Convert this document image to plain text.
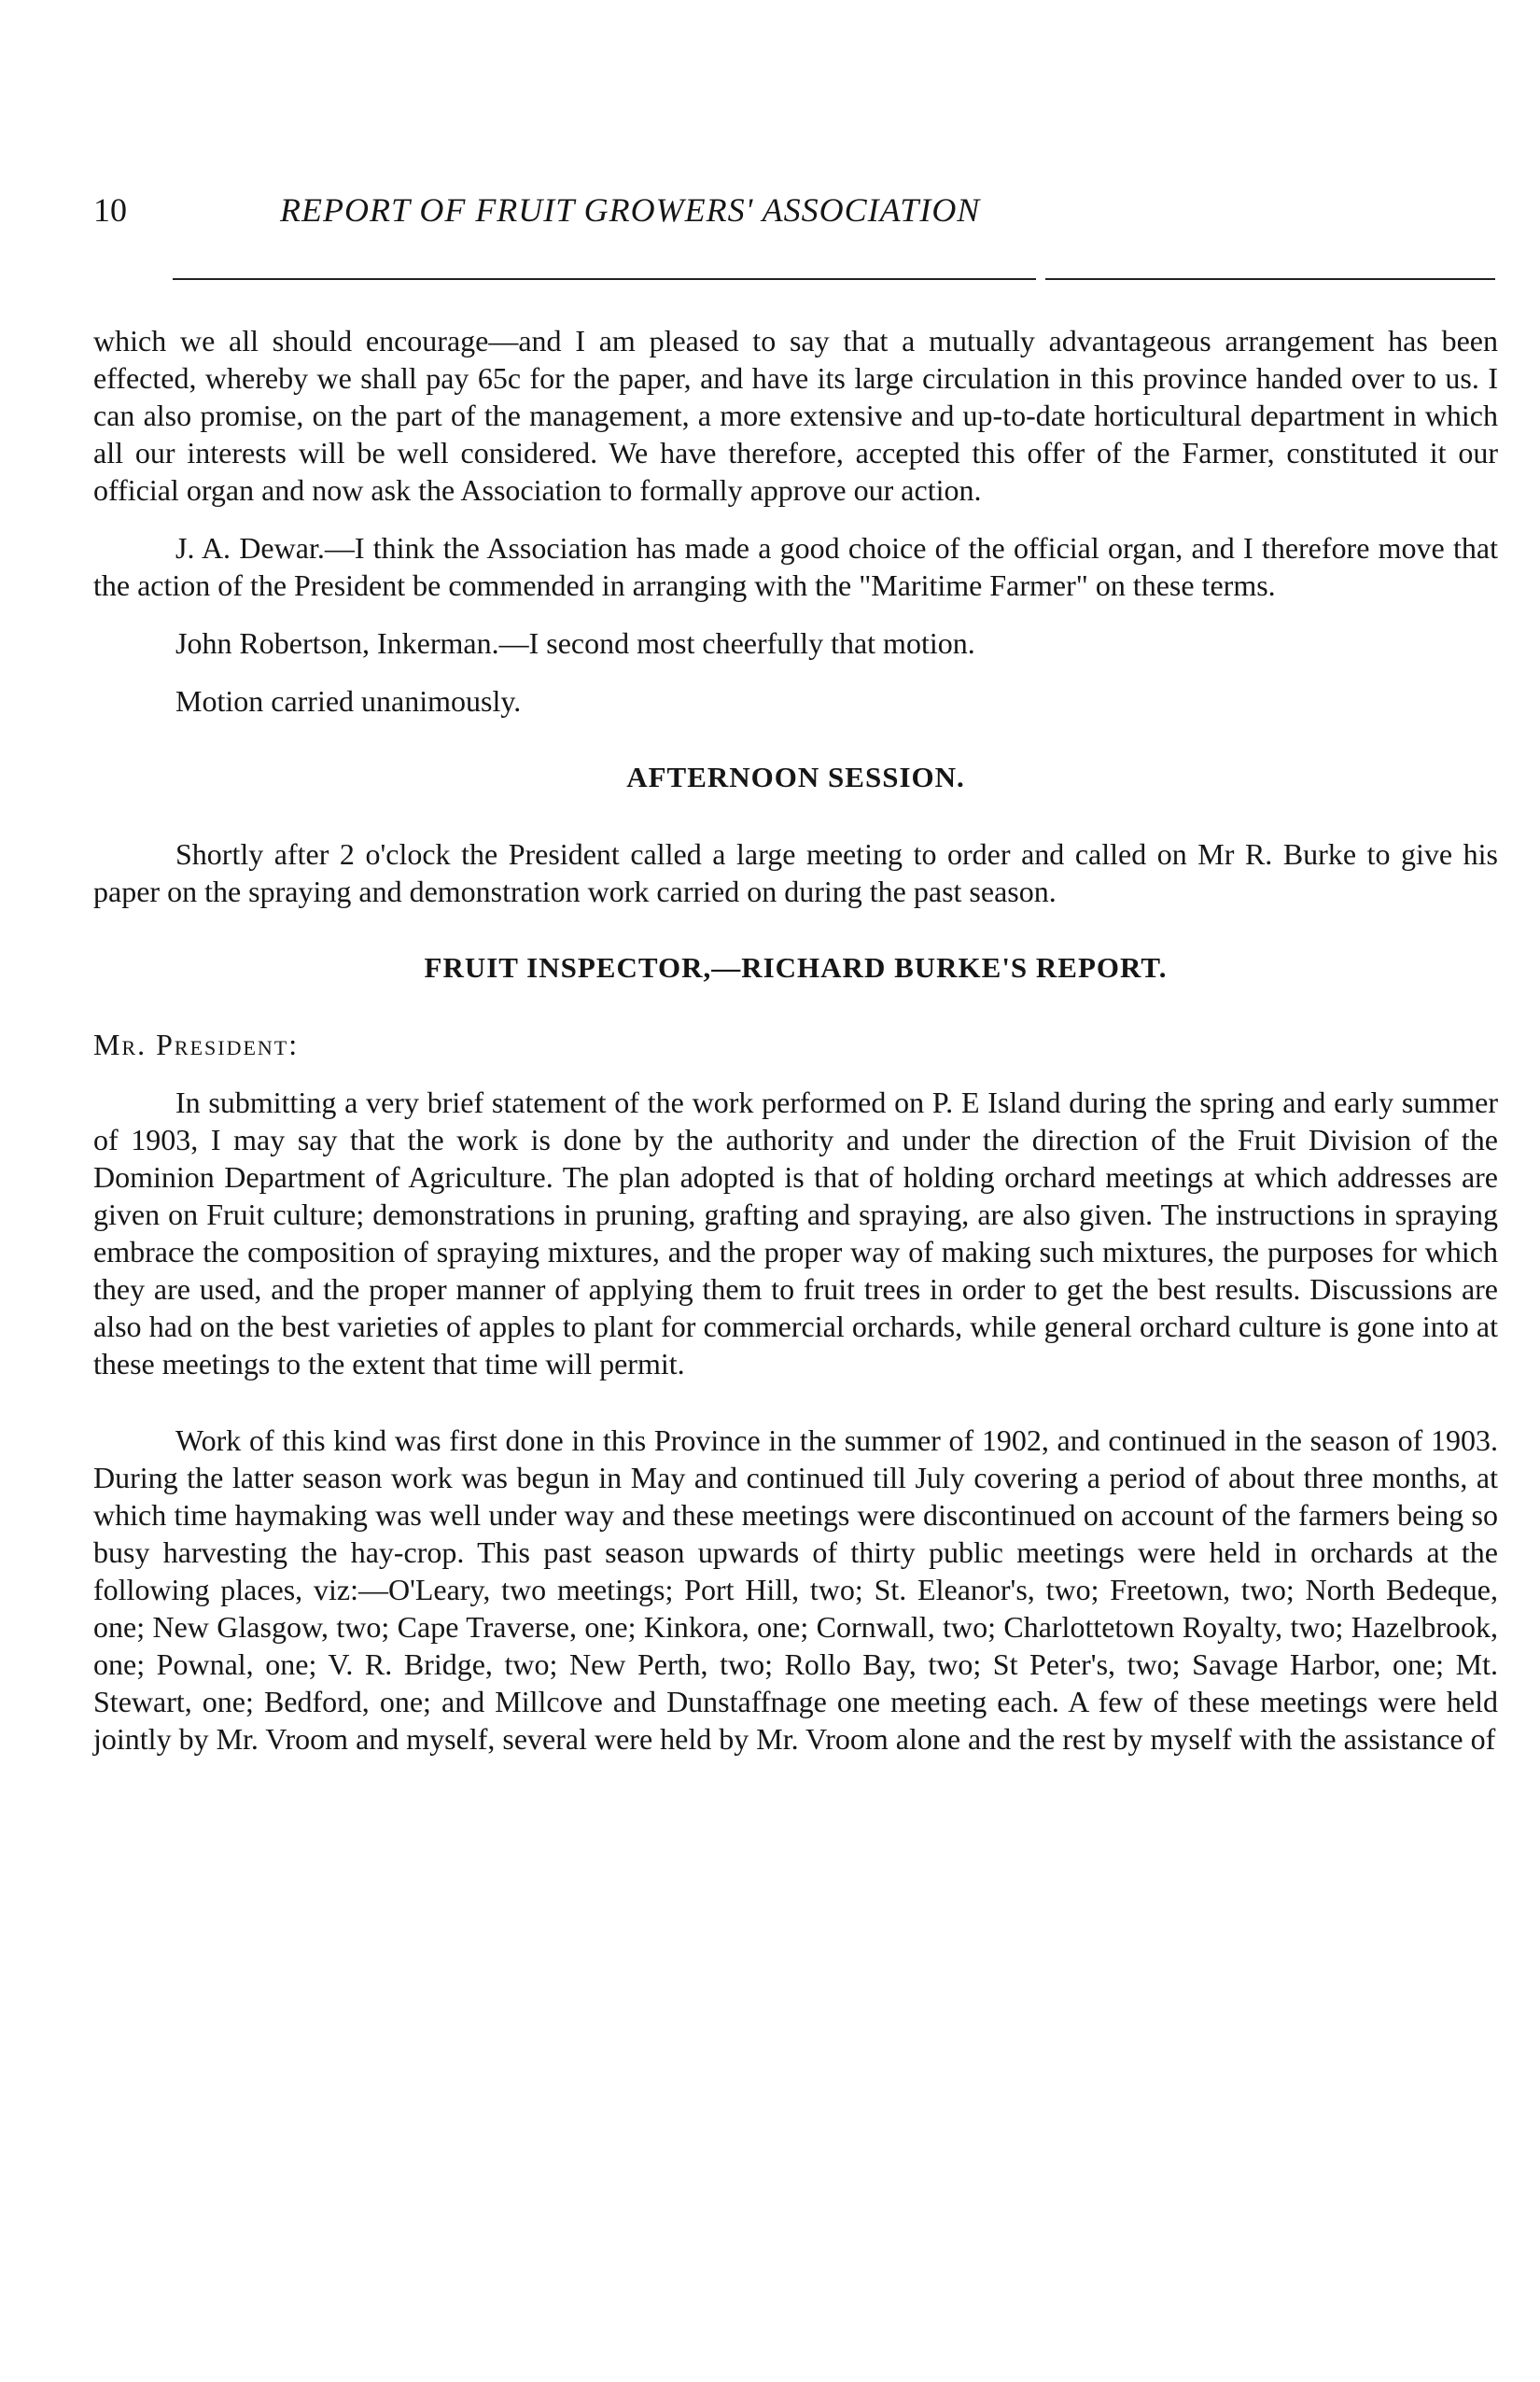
10	REPORT OF FRUIT GROWERS' ASSOCIATION

which we all should encourage—and I am pleased to say that a mutually advantageous arrangement has been effected, whereby we shall pay 65c for the paper, and have its large circulation in this province handed over to us. I can also promise, on the part of the management, a more extensive and up-to-date horticultural department in which all our interests will be well considered. We have therefore, accepted this offer of the Farmer, constituted it our official organ and now ask the Association to formally approve our action.

J. A. Dewar.—I think the Association has made a good choice of the official organ, and I therefore move that the action of the President be commended in arranging with the "Maritime Farmer" on these terms.

John Robertson, Inkerman.—I second most cheerfully that motion.

Motion carried unanimously.

AFTERNOON SESSION.

Shortly after 2 o'clock the President called a large meeting to order and called on Mr R. Burke to give his paper on the spraying and demonstration work carried on during the past season.

FRUIT INSPECTOR,—RICHARD BURKE'S REPORT.
Mr. President:

In submitting a very brief statement of the work performed on P. E Island during the spring and early summer of 1903, I may say that the work is done by the authority and under the direction of the Fruit Division of the Dominion Department of Agriculture. The plan adopted is that of holding orchard meetings at which addresses are given on Fruit culture; demonstrations in pruning, grafting and spraying, are also given. The instructions in spraying embrace the composition of spraying mixtures, and the proper way of making such mixtures, the purposes for which they are used, and the proper manner of applying them to fruit trees in order to get the best results. Discussions are also had on the best varieties of apples to plant for commercial orchards, while general orchard culture is gone into at these meetings to the extent that time will permit.

Work of this kind was first done in this Province in the summer of 1902, and continued in the season of 1903. During the latter season work was begun in May and continued till July covering a period of about three months, at which time haymaking was well under way and these meetings were discontinued on account of the farmers being so busy harvesting the hay-crop. This past season upwards of thirty public meetings were held in orchards at the following places, viz:—O'Leary, two meetings; Port Hill, two; St. Eleanor's, two; Freetown, two; North Bedeque, one; New Glasgow, two; Cape Traverse, one; Kinkora, one; Cornwall, two; Charlottetown Royalty, two; Hazelbrook, one; Pownal, one; V. R. Bridge, two; New Perth, two; Rollo Bay, two; St Peter's, two; Savage Harbor, one; Mt. Stewart, one; Bedford, one; and Millcove and Dunstaffnage one meeting each. A few of these meetings were held jointly by Mr. Vroom and myself, several were held by Mr. Vroom alone and the rest by myself with the assistance of
